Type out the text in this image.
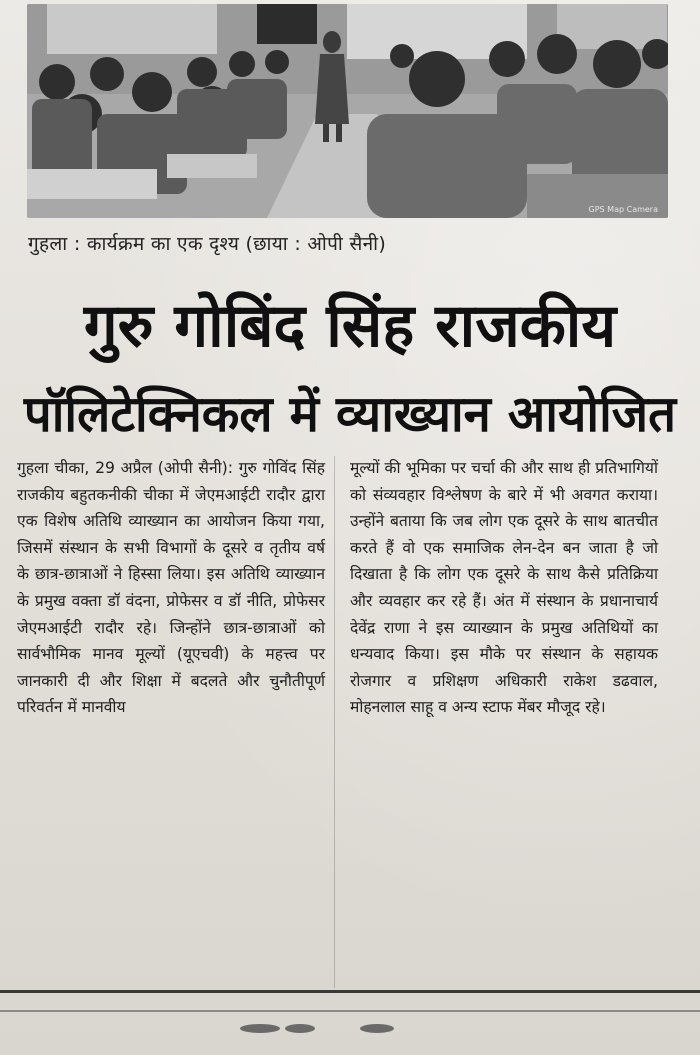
GPS Map Camera
गुहला : कार्यक्रम का एक दृश्य (छाया : ओपी सैनी)
गुरु गोबिंद सिंह राजकीय
पॉलिटेक्निकल में व्याख्यान आयोजित
गुहला चीका, 29 अप्रैल (ओपी सैनी): गुरु गोविंद सिंह राजकीय बहुतकनीकी चीका में जेएमआईटी रादौर द्वारा एक विशेष अतिथि व्याख्यान का आयोजन किया गया, जिसमें संस्थान के सभी विभागों के दूसरे व तृतीय वर्ष के छात्र-छात्राओं ने हिस्सा लिया। इस अतिथि व्याख्यान के प्रमुख वक्ता डॉ वंदना, प्रोफेसर व डॉ नीति, प्रोफेसर जेएमआईटी रादौर रहे। जिन्होंने छात्र-छात्राओं को सार्वभौमिक मानव मूल्यों (यूएचवी) के महत्त्व पर जानकारी दी और शिक्षा में बदलते और चुनौतीपूर्ण परिवर्तन में मानवीय
मूल्यों की भूमिका पर चर्चा की और साथ ही प्रतिभागियों को संव्यवहार विश्लेषण के बारे में भी अवगत कराया। उन्होंने बताया कि जब लोग एक दूसरे के साथ बातचीत करते हैं वो एक समाजिक लेन-देन बन जाता है जो दिखाता है कि लोग एक दूसरे के साथ कैसे प्रतिक्रिया और व्यवहार कर रहे हैं। अंत में संस्थान के प्रधानाचार्य देवेंद्र राणा ने इस व्याख्यान के प्रमुख अतिथियों का धन्यवाद किया। इस मौके पर संस्थान के सहायक रोजगार व प्रशिक्षण अधिकारी राकेश डढवाल, मोहनलाल साहू व अन्य स्टाफ मेंबर मौजूद रहे।
